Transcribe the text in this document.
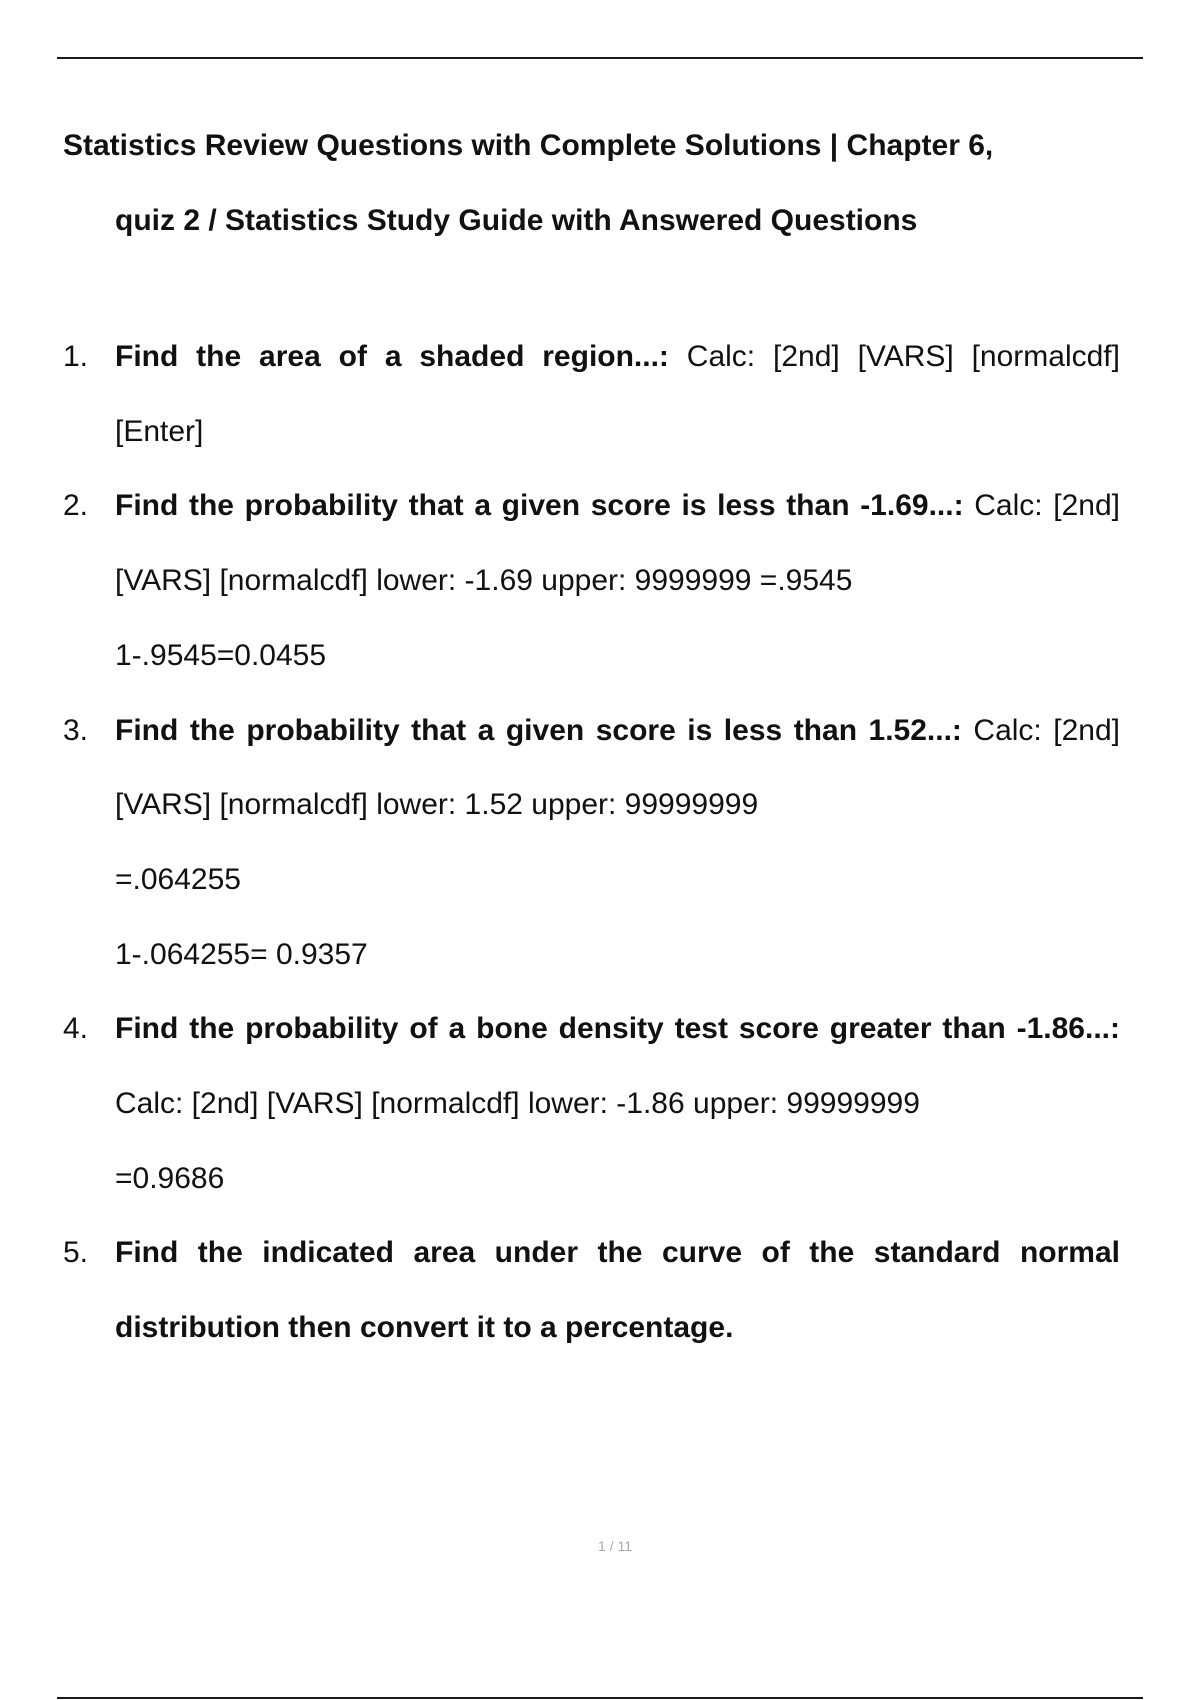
Statistics Review Questions with Complete Solutions | Chapter 6,
quiz 2 / Statistics Study Guide with Answered Questions
1. Find the area of a shaded region...: Calc: [2nd] [VARS] [normalcdf] [Enter]
2. Find the probability that a given score is less than -1.69...: Calc: [2nd] [VARS] [normalcdf] lower: -1.69 upper: 9999999 =.9545
1-.9545=0.0455
3. Find the probability that a given score is less than 1.52...: Calc: [2nd] [VARS] [normalcdf] lower: 1.52 upper: 99999999
=.064255
1-.064255= 0.9357
4. Find the probability of a bone density test score greater than -1.86...: Calc: [2nd] [VARS] [normalcdf] lower: -1.86 upper: 99999999
=0.9686
5. Find the indicated area under the curve of the standard normal distribution then convert it to a percentage.
1 / 11
